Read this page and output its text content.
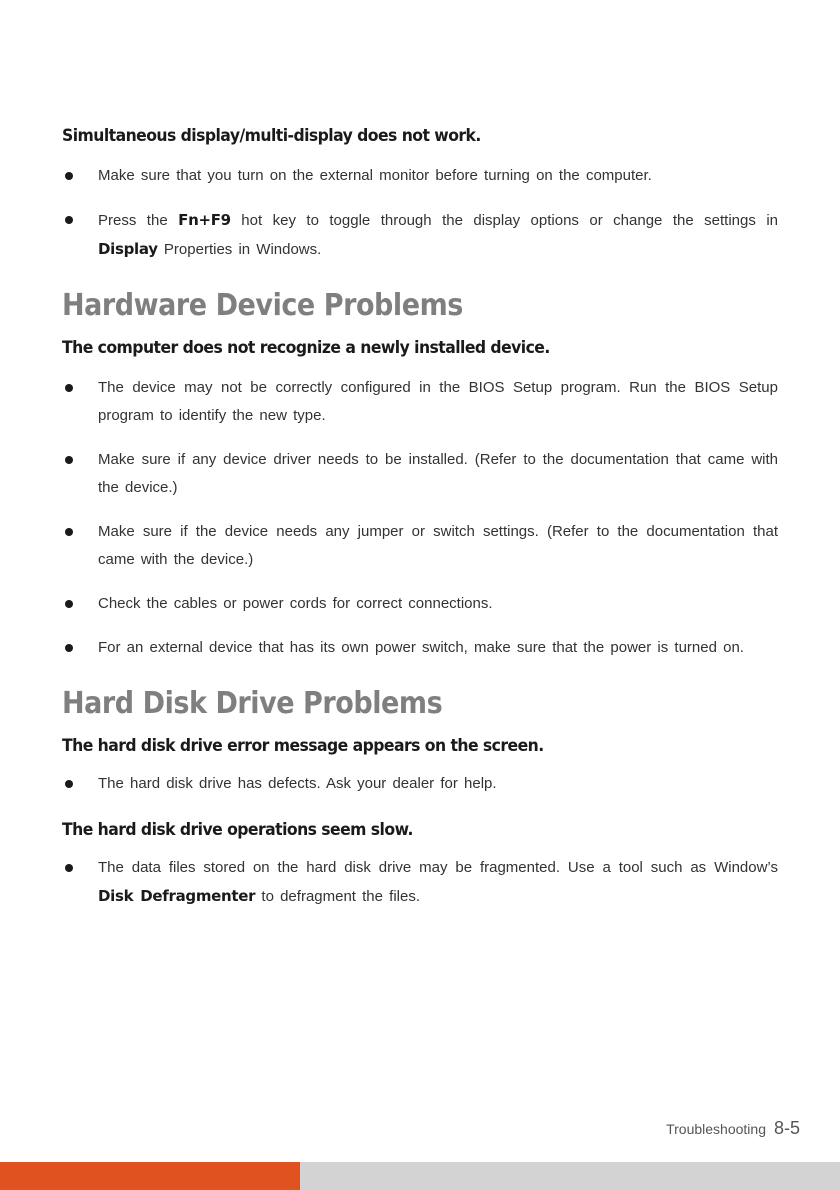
Simultaneous display/multi-display does not work.
Make sure that you turn on the external monitor before turning on the computer.
Press the Fn+F9 hot key to toggle through the display options or change the settings in Display Properties in Windows.
Hardware Device Problems
The computer does not recognize a newly installed device.
The device may not be correctly configured in the BIOS Setup program. Run the BIOS Setup program to identify the new type.
Make sure if any device driver needs to be installed. (Refer to the documentation that came with the device.)
Make sure if the device needs any jumper or switch settings. (Refer to the documentation that came with the device.)
Check the cables or power cords for correct connections.
For an external device that has its own power switch, make sure that the power is turned on.
Hard Disk Drive Problems
The hard disk drive error message appears on the screen.
The hard disk drive has defects. Ask your dealer for help.
The hard disk drive operations seem slow.
The data files stored on the hard disk drive may be fragmented. Use a tool such as Window’s Disk Defragmenter to defragment the files.
Troubleshooting 8-5
